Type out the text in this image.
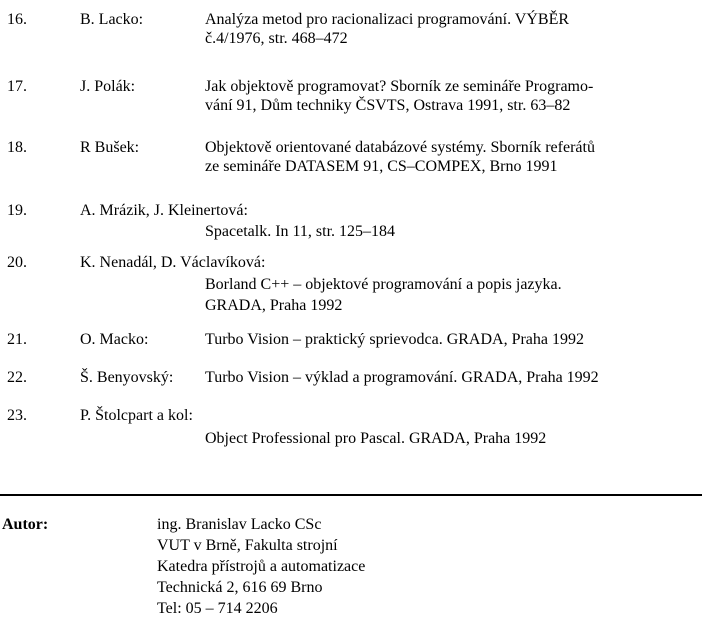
16.	B. Lacko:	Analýza metod pro racionalizaci programování. VÝBĚR
č.4/1976, str. 468–472
17.	J. Polák:	Jak objektově programovat? Sborník ze semináře Programo-
vání 91, Dům techniky ČSVTS, Ostrava 1991, str. 63–82
18.	R Bušek:	Objektově orientované databázové systémy. Sborník referátů
ze semináře DATASEM 91, CS–COMPEX, Brno 1991
19.	A. Mrázik, J. Kleinertová:
Spacetalk. In 11, str. 125–184
20.	K. Nenadál, D. Václavíková:
Borland C++ – objektové programování a popis jazyka.
GRADA, Praha 1992
21.	O. Macko:	Turbo Vision – praktický sprievodca. GRADA, Praha 1992
22.	Š. Benyovský: Turbo Vision – výklad a programování. GRADA, Praha 1992
23.	P. Štolcpart a kol:
Object Professional pro Pascal. GRADA, Praha 1992
Autor:	ing. Branislav Lacko CSc
VUT v Brně, Fakulta strojní
Katedra přístrojů a automatizace
Technická 2, 616 69 Brno
Tel: 05 – 714 2206
